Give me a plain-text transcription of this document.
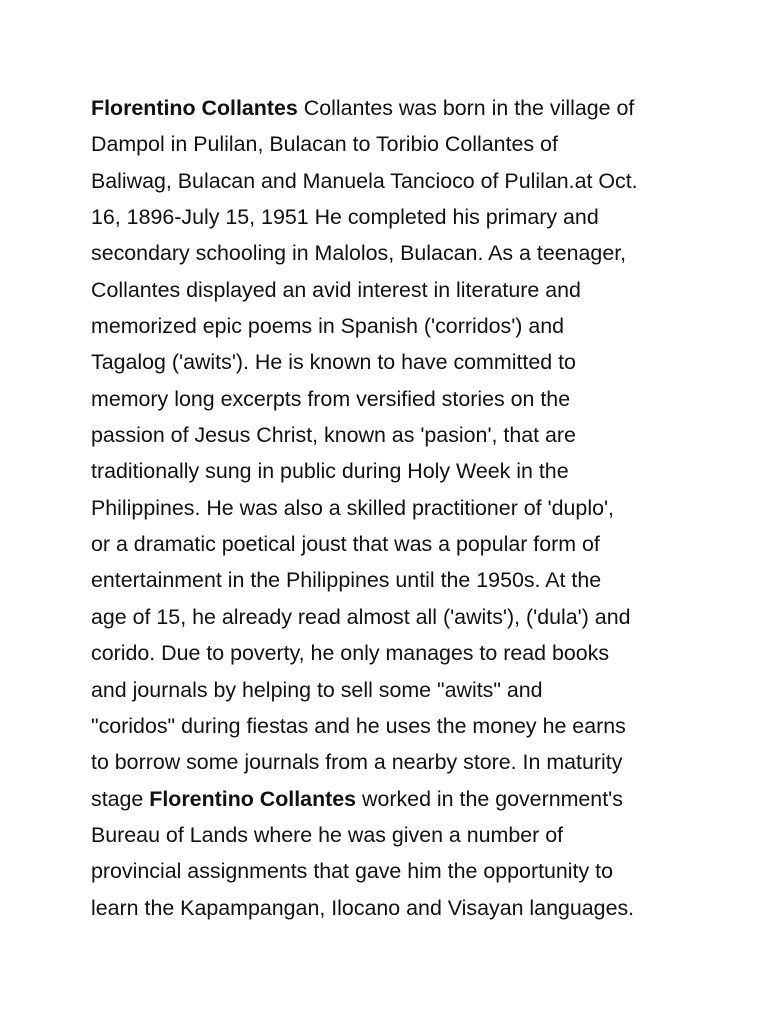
Florentino Collantes Collantes was born in the village of
Dampol in Pulilan, Bulacan to Toribio Collantes of
Baliwag, Bulacan and Manuela Tancioco of Pulilan.at Oct.
16, 1896-July 15, 1951 He completed his primary and
secondary schooling in Malolos, Bulacan. As a teenager,
Collantes displayed an avid interest in literature and
memorized epic poems in Spanish ('corridos') and
Tagalog ('awits'). He is known to have committed to
memory long excerpts from versified stories on the
passion of Jesus Christ, known as 'pasion', that are
traditionally sung in public during Holy Week in the
Philippines. He was also a skilled practitioner of 'duplo',
or a dramatic poetical joust that was a popular form of
entertainment in the Philippines until the 1950s. At the
age of 15, he already read almost all ('awits'), ('dula') and
corido. Due to poverty, he only manages to read books
and journals by helping to sell some "awits" and
"coridos" during fiestas and he uses the money he earns
to borrow some journals from a nearby store. In maturity
stage Florentino Collantes worked in the government's
Bureau of Lands where he was given a number of
provincial assignments that gave him the opportunity to
learn the Kapampangan, Ilocano and Visayan languages.
